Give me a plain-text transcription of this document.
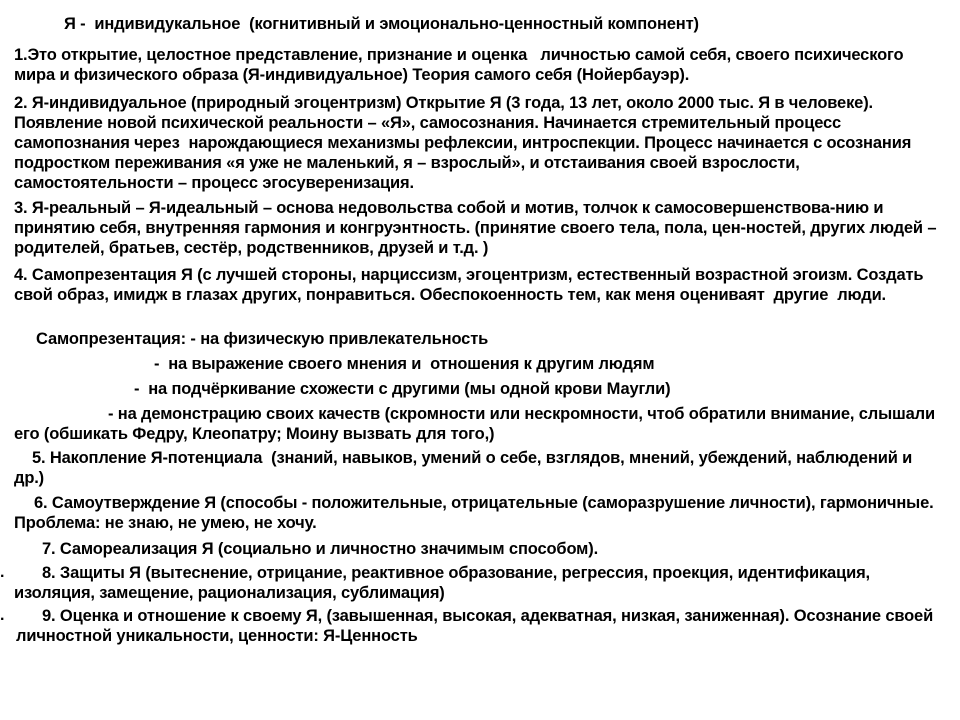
Я -  индивидукальное  (когнитивный и эмоционально-ценностный компонент)
1.Это открытие, целостное представление, признание и оценка   личностью самой себя, своего психического мира и физического образа (Я-индивидуальное) Теория самого себя (Нойербауэр).
2. Я-индивидуальное (природный эгоцентризм) Открытие Я (3 года, 13 лет, около 2000 тыс. Я в человеке). Появление новой психической реальности – «Я», самосознания. Начинается стремительный процесс самопознания через  нарождающиеся механизмы рефлексии, интроспекции. Процесс начинается с осознания подростком переживания «я уже не маленький, я – взрослый», и отстаивания своей взрослости, самостоятельности – процесс эгосуверенизация.
3. Я-реальный – Я-идеальный – основа недовольства собой и мотив, толчок к самосовершенствова-нию и принятию себя, внутренняя гармония и конгруэнтность. (принятие своего тела, пола, цен-ностей, других людей – родителей, братьев, сестёр, родственников, друзей и т.д. )
4. Самопрезентация Я (с лучшей стороны, нарциссизм, эгоцентризм, естественный возрастной эгоизм. Создать свой образ, имидж в глазах других, понравиться. Обеспокоенность тем, как меня оцениваят  другие  люди.
Самопрезентация: - на физическую привлекательность
-  на выражение своего мнения и  отношения к другим людям
-  на подчёркивание схожести с другими (мы одной крови Маугли)
- на демонстрацию своих качеств (скромности или нескромности, чтоб обратили внимание, слышали его (обшикать Федру, Клеопатру; Моину вызвать для того,)
5. Накопление Я-потенциала  (знаний, навыков, умений о себе, взглядов, мнений, убеждений, наблюдений и др.)
6. Самоутверждение Я (способы - положительные, отрицательные (саморазрушение личности), гармоничные. Проблема: не знаю, не умею, не хочу.
7. Самореализация Я (социально и личностно значимым способом).
.	8. Защиты Я (вытеснение, отрицание, реактивное образование, регрессия, проекция, идентификация, изоляция, замещение, рационализация, сублимация)
9. Оценка и отношение к своему Я, (завышенная, высокая, адекватная, низкая, заниженная). Осознание своей личностной уникальности, ценности: Я-Ценность
.
